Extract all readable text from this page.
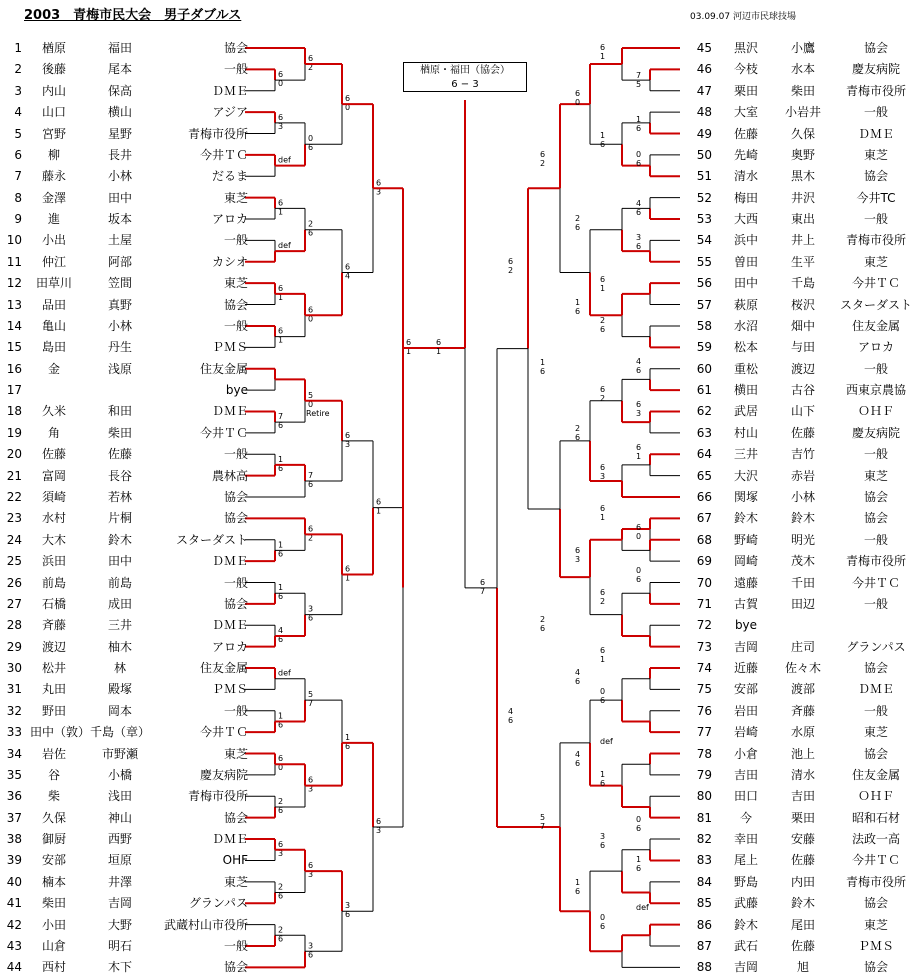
2003　青梅市民大会　男子ダブルス	03.09.07 河辺市民球技場
6
0
6
3
def
6
1
def
6
1
6
1
7
6
1
6
1
6
1
6
4
6
def
1
6
6
0
2
6
6
3
2
6
2
6
6
2
0
6
2
6
6
0
5
0
Retire
7
6
6
2
3
6
5
7
6
3
6
3
3
6
6
0
6
4
6
3
6
1
1
6
3
6
6
3
6
1
6
3
6
1
6
1
7
5
6
0
1
6
1
6
0
6
6
2
4
6
2
6
3
6
6
2
6
1
1
6
2
6
4
6
1
6
6
2
6
3
2
6
6
1
6
3
6
1
6
0
6
3
0
6
6
2
2
6
6
1
4
6
0
6
4
6
def
4
6
1
6
5
7
0
6
3
6
1
6
1
6
def
0
6
6
1
6
7
楢原・福田（協会）
6 − 3
1	楢原	福田	協会
2	後藤	尾本	一般
3	内山	保高	ＤＭＥ
4	山口	横山	アジア
5	宮野	星野	青梅市役所
6	柳	長井	今井ＴＣ
7	藤永	小林	だるま
8	金澤	田中	東芝
9	進	坂本	アロカ
10	小出	土屋	一般
11	仲江	阿部	カシオ
12	田草川	笠間	東芝
13	品田	真野	協会
14	亀山	小林	一般
15	島田	丹生	ＰＭＳ
16	金	浅原	住友金属
17	bye
18	久米	和田	ＤＭＥ
19	角	柴田	今井ＴＣ
20	佐藤	佐藤	一般
21	富岡	長谷	農林高
22	須崎	若林	協会
23	水村	片桐	協会
24	大木	鈴木	スターダスト
25	浜田	田中	ＤＭＥ
26	前島	前島	一般
27	石橋	成田	協会
28	斉藤	三井	ＤＭＥ
29	渡辺	柚木	アロカ
30	松井	林	住友金属
31	丸田	殿塚	ＰＭＳ
32	野田	岡本	一般
33 田中（敦） 千島（章）	今井ＴＣ
34	岩佐	市野瀬	東芝
35	谷	小橋	慶友病院
36	柴	浅田	青梅市役所
37	久保	神山	協会
38	御厨	西野	ＤＭＥ
39	安部	垣原	OHF
40	楠本	井澤	東芝
41	柴田	吉岡	グランパス
42	小田	大野	武蔵村山市役所
43	山倉	明石	一般
44	西村	木下	協会
45	黒沢	小鷹	協会
46	今枝	水本	慶友病院
47	栗田	柴田	青梅市役所
48	大室	小岩井	一般
49	佐藤	久保	ＤＭＥ
50	先崎	奥野	東芝
51	清水	黒木	協会
52	梅田	井沢	今井TC
53	大西	東出	一般
54	浜中	井上	青梅市役所
55	曽田	生平	東芝
56	田中	千島	今井ＴＣ
57	萩原	桜沢	スターダスト
58	水沼	畑中	住友金属
59	松本	与田	アロカ
60	重松	渡辺	一般
61	横田	古谷	西東京農協
62	武居	山下	ＯＨＦ
63	村山	佐藤	慶友病院
64	三井	吉竹	一般
65	大沢	赤岩	東芝
66	関塚	小林	協会
67	鈴木	鈴木	協会
68	野崎	明光	一般
69	岡崎	茂木	青梅市役所
70	遠藤	千田	今井ＴＣ
71	古賀	田辺	一般
72	bye
73	吉岡	庄司	グランパス
74	近藤	佐々木	協会
75	安部	渡部	ＤＭＥ
76	岩田	斉藤	一般
77	岩崎	水原	東芝
78	小倉	池上	協会
79	吉田	清水	住友金属
80	田口	吉田	ＯＨＦ
81	今	栗田	昭和石材
82	幸田	安藤	法政一高
83	尾上	佐藤	今井ＴＣ
84	野島	内田	青梅市役所
85	武藤	鈴木	協会
86	鈴木	尾田	東芝
87	武石	佐藤	ＰＭＳ
88	吉岡	旭	協会
